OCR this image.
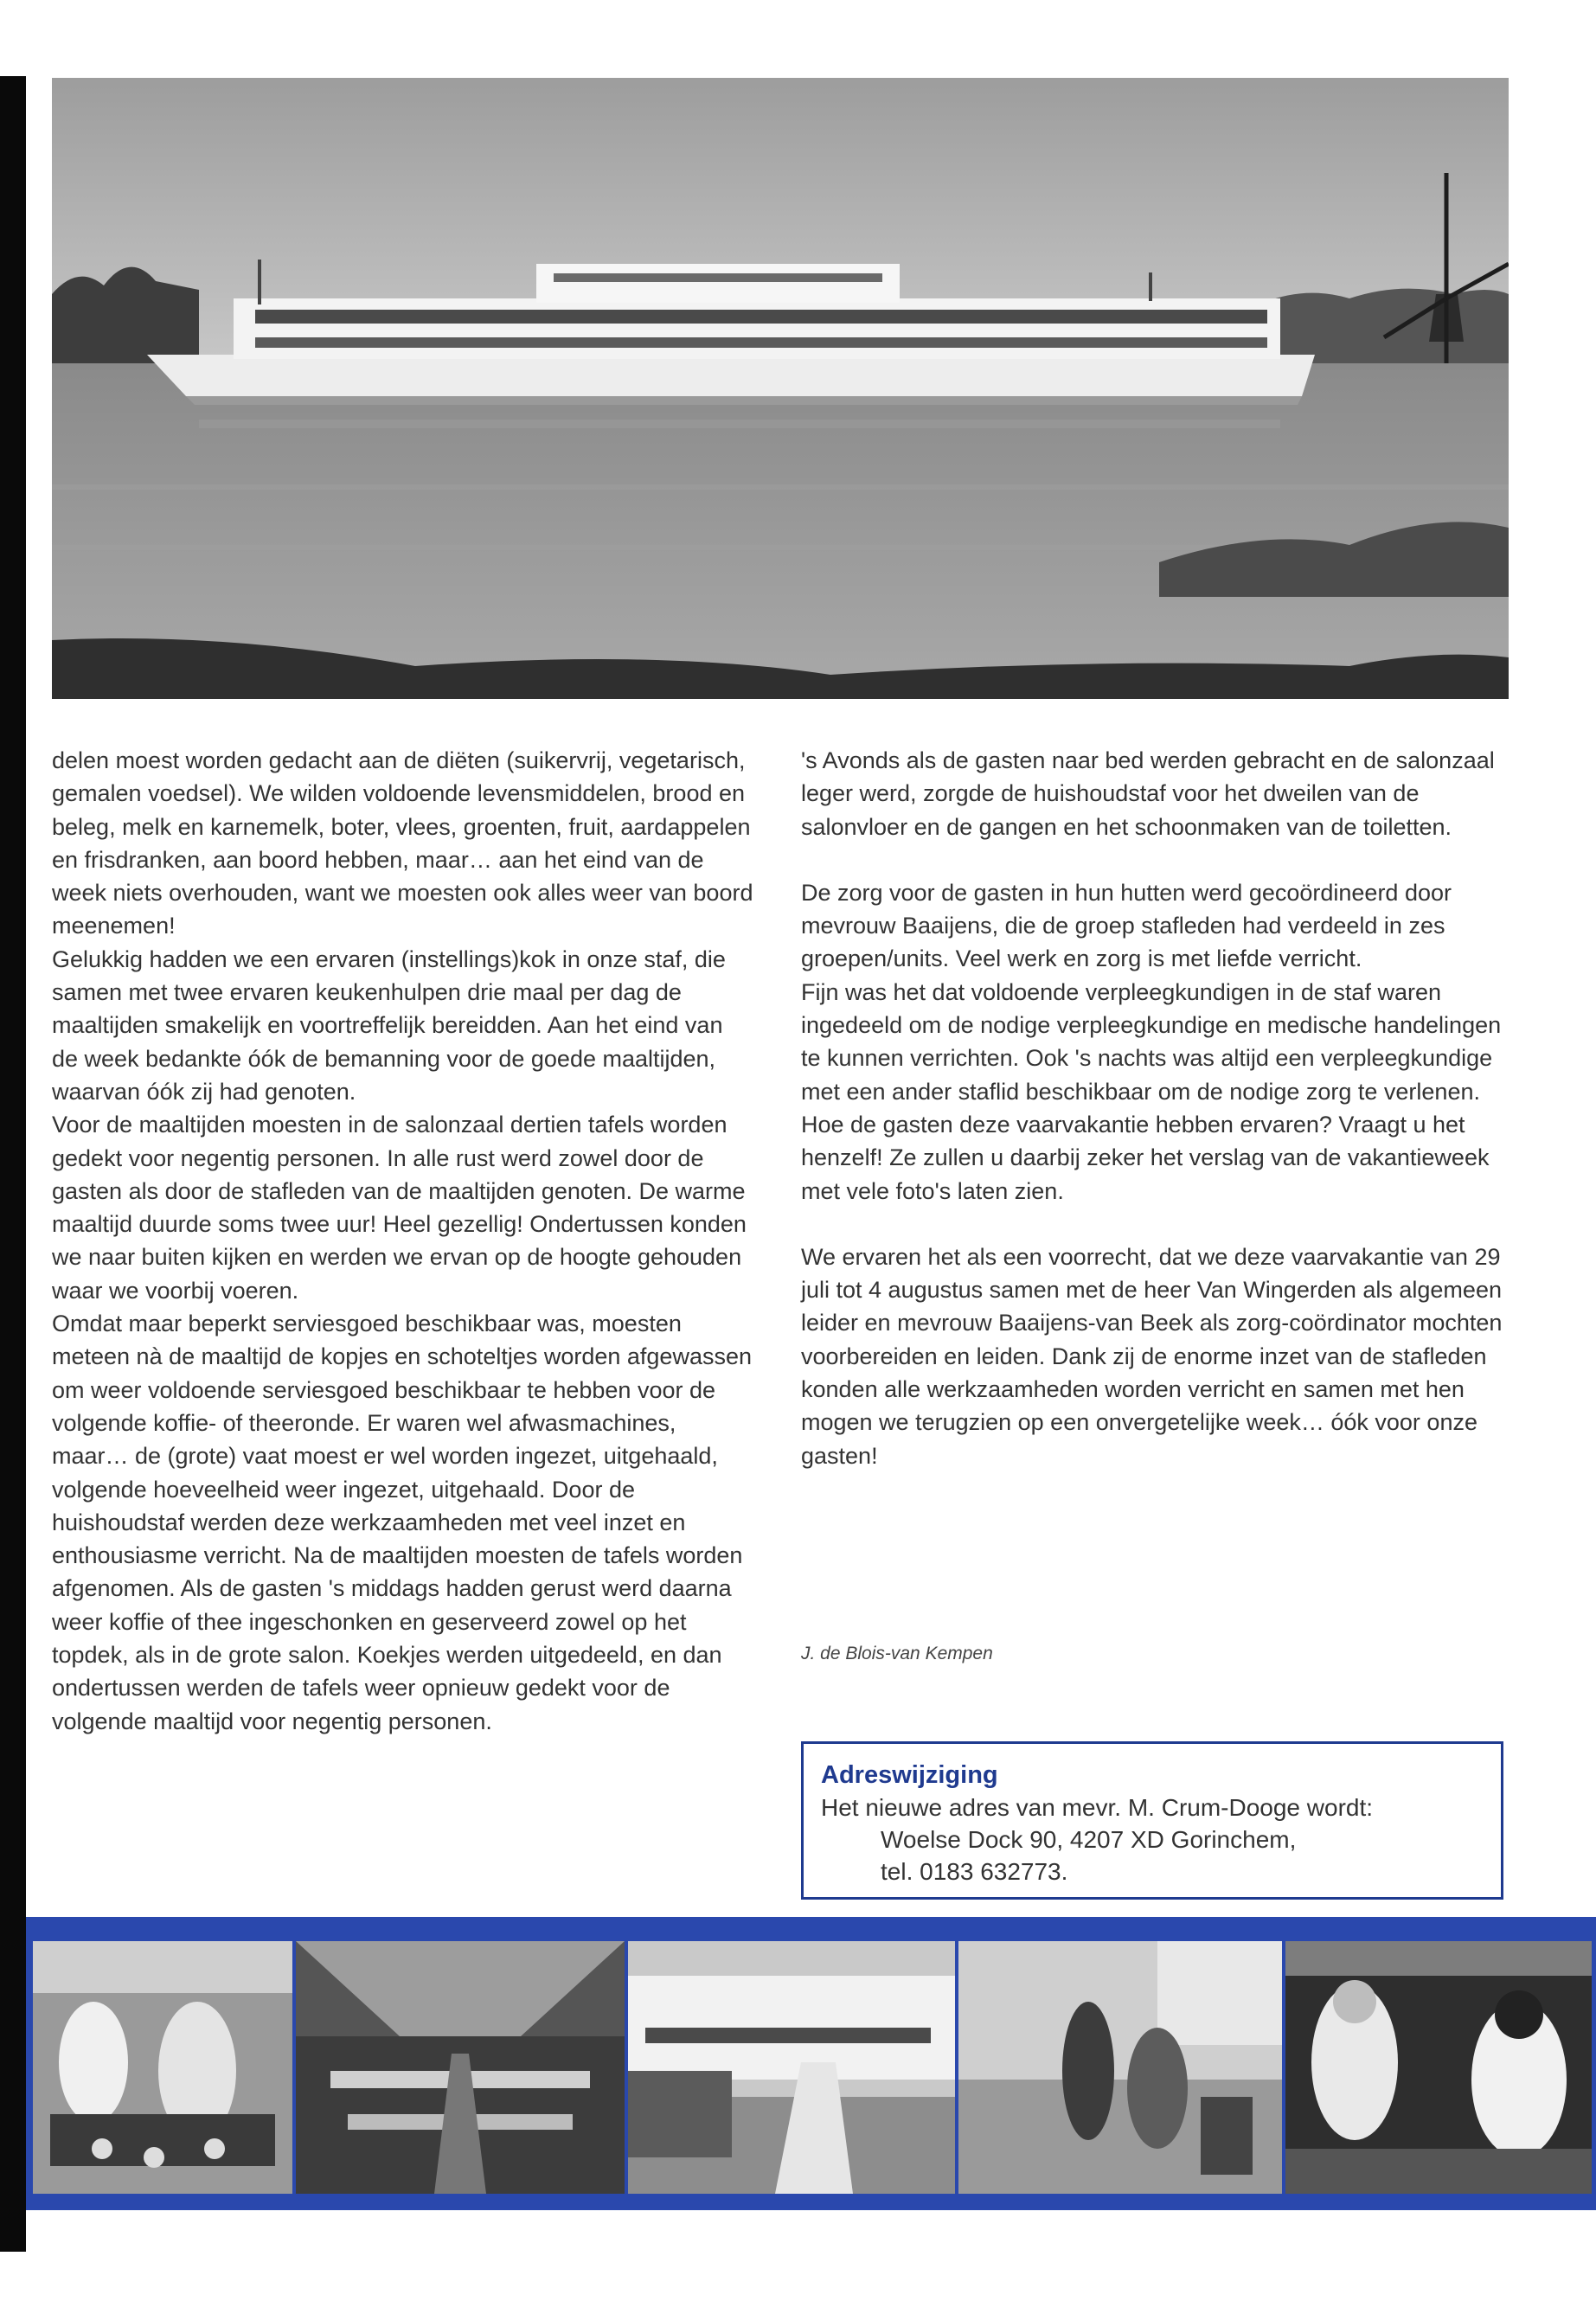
delen moest worden gedacht aan de diëten (suikervrij, vegetarisch, gemalen voedsel). We wilden voldoende levensmiddelen, brood en beleg, melk en karnemelk, boter, vlees, groenten, fruit, aardappelen en frisdranken, aan boord hebben, maar… aan het eind van de week niets overhouden, want we moesten ook alles weer van boord meenemen!

Gelukkig hadden we een ervaren (instellings)kok in onze staf, die samen met twee ervaren keukenhulpen drie maal per dag de maaltijden smakelijk en voortreffelijk bereidden. Aan het eind van de week bedankte óók de bemanning voor de goede maaltijden, waarvan óók zij had genoten.

Voor de maaltijden moesten in de salonzaal dertien tafels worden gedekt voor negentig personen. In alle rust werd zowel door de gasten als door de stafleden van de maaltijden genoten. De warme maaltijd duurde soms twee uur! Heel gezellig! Ondertussen konden we naar buiten kijken en werden we ervan op de hoogte gehouden waar we voorbij voeren.

Omdat maar beperkt serviesgoed beschikbaar was, moesten meteen nà de maaltijd de kopjes en schoteltjes worden afgewassen om weer voldoende serviesgoed beschikbaar te hebben voor de volgende koffie- of theeronde. Er waren wel afwasmachines, maar… de (grote) vaat moest er wel worden ingezet, uitgehaald, volgende hoeveelheid weer ingezet, uitgehaald. Door de huishoudstaf werden deze werkzaamheden met veel inzet en enthousiasme verricht. Na de maaltijden moesten de tafels worden afgenomen. Als de gasten 's middags hadden gerust werd daarna weer koffie of thee ingeschonken en geserveerd zowel op het topdek, als in de grote salon. Koekjes werden uitgedeeld, en dan ondertussen werden de tafels weer opnieuw gedekt voor de volgende maaltijd voor negentig personen.

's Avonds als de gasten naar bed werden gebracht en de salonzaal leger werd, zorgde de huishoudstaf voor het dweilen van de salonvloer en de gangen en het schoonmaken van de toiletten.

De zorg voor de gasten in hun hutten werd gecoördineerd door mevrouw Baaijens, die de groep stafleden had verdeeld in zes groepen/units. Veel werk en zorg is met liefde verricht.

Fijn was het dat voldoende verpleegkundigen in de staf waren ingedeeld om de nodige verpleegkundige en medische handelingen te kunnen verrichten. Ook 's nachts was altijd een verpleegkundige met een ander staflid beschikbaar om de nodige zorg te verlenen.

Hoe de gasten deze vaarvakantie hebben ervaren? Vraagt u het henzelf! Ze zullen u daarbij zeker het verslag van de vakantieweek met vele foto's laten zien.

We ervaren het als een voorrecht, dat we deze vaarvakantie van 29 juli tot 4 augustus samen met de heer Van Wingerden als algemeen leider en mevrouw Baaijens-van Beek als zorg-coördinator mochten voorbereiden en leiden. Dank zij de enorme inzet van de stafleden konden alle werkzaamheden worden verricht en samen met hen mogen we terugzien op een onvergetelijke week… óók voor onze gasten!

J. de Blois-van Kempen
Adreswijziging
Het nieuwe adres van mevr. M. Crum-Dooge wordt:
Woelse Dock 90, 4207 XD Gorinchem,
tel. 0183 632773.
